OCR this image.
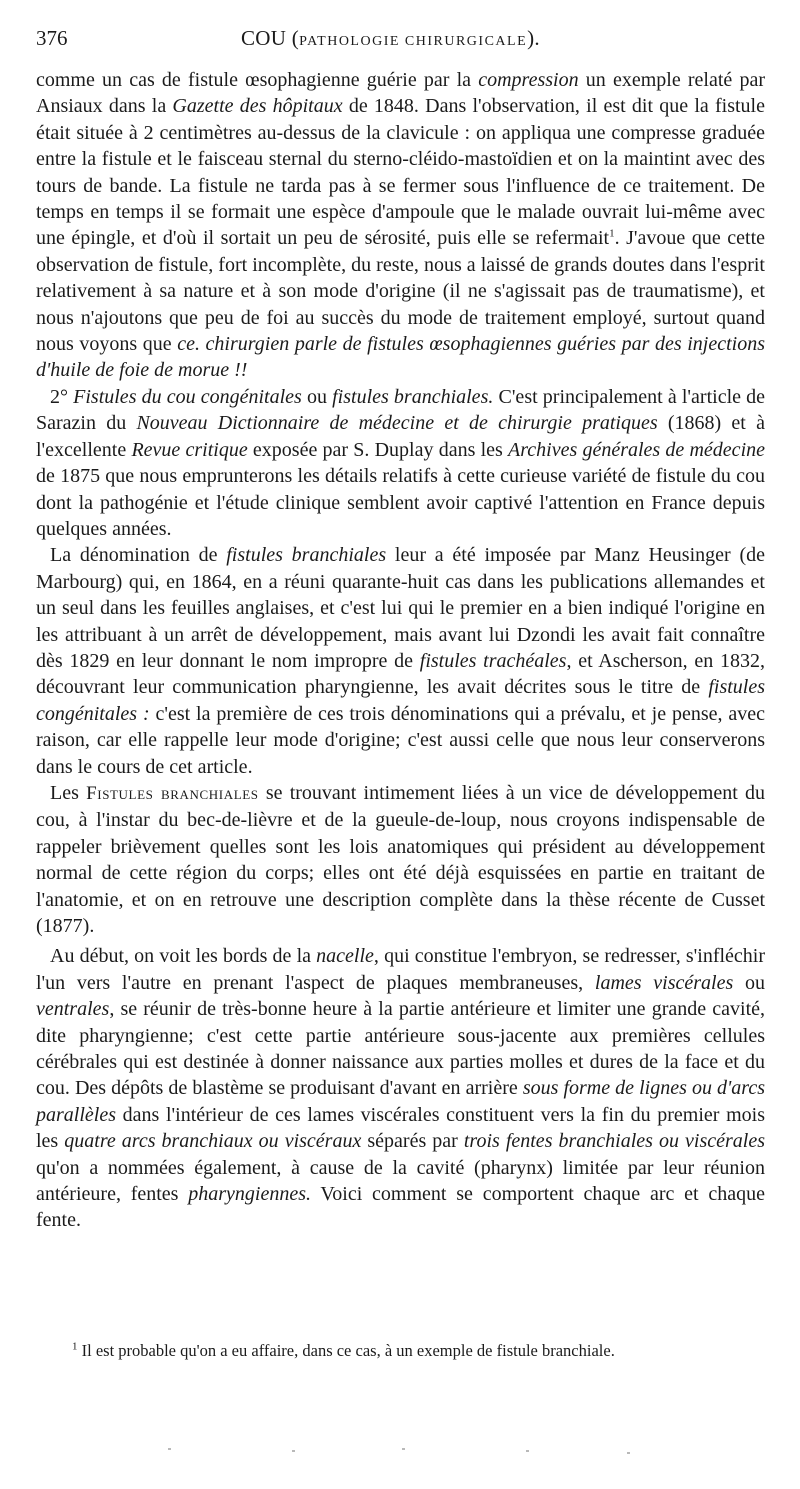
376	COU (PATHOLOGIE CHIRURGICALE).

comme un cas de fistule œsophagienne guérie par la compression un exemple relaté par Ansiaux dans la Gazette des hôpitaux de 1848. Dans l'observation, il est dit que la fistule était située à 2 centimètres au-dessus de la clavicule : on appliqua une compresse graduée entre la fistule et le faisceau sternal du sterno-cléido-mastoïdien et on la maintint avec des tours de bande. La fistule ne tarda pas à se fermer sous l'influence de ce traitement. De temps en temps il se formait une espèce d'ampoule que le malade ouvrait lui-même avec une épingle, et d'où il sortait un peu de sérosité, puis elle se refermait$^1$. J'avoue que cette observation de fistule, fort incomplète, du reste, nous a laissé de grands doutes dans l'esprit relativement à sa nature et à son mode d'origine (il ne s'agissait pas de traumatisme), et nous n'ajoutons que peu de foi au succès du mode de traitement employé, surtout quand nous voyons que ce. chirurgien parle de fistules œsophagiennes guéries par des injections d'huile de foie de morue !!

2° Fistules du cou congénitales ou fistules branchiales. C'est principalement à l'article de Sarazin du Nouveau Dictionnaire de médecine et de chirurgie pratiques (1868) et à l'excellente Revue critique exposée par S. Duplay dans les Archives générales de médecine de 1875 que nous emprunterons les détails relatifs à cette curieuse variété de fistule du cou dont la pathogénie et l'étude clinique semblent avoir captivé l'attention en France depuis quelques années.

La dénomination de fistules branchiales leur a été imposée par Manz Heusinger (de Marbourg) qui, en 1864, en a réuni quarante-huit cas dans les publications allemandes et un seul dans les feuilles anglaises, et c'est lui qui le premier en a bien indiqué l'origine en les attribuant à un arrêt de développement, mais avant lui Dzondi les avait fait connaître dès 1829 en leur donnant le nom impropre de fistules trachéales, et Ascherson, en 1832, découvrant leur communication pharyngienne, les avait décrites sous le titre de fistules congénitales : c'est la première de ces trois dénominations qui a prévalu, et je pense, avec raison, car elle rappelle leur mode d'origine; c'est aussi celle que nous leur conserverons dans le cours de cet article.

Les Fistules branchiales se trouvant intimement liées à un vice de développement du cou, à l'instar du bec-de-lièvre et de la gueule-de-loup, nous croyons indispensable de rappeler brièvement quelles sont les lois anatomiques qui président au développement normal de cette région du corps; elles ont été déjà esquissées en partie en traitant de l'anatomie, et on en retrouve une description complète dans la thèse récente de Cusset (1877).

Au début, on voit les bords de la nacelle, qui constitue l'embryon, se redresser, s'infléchir l'un vers l'autre en prenant l'aspect de plaques membraneuses, lames viscérales ou ventrales, se réunir de très-bonne heure à la partie antérieure et limiter une grande cavité, dite pharyngienne; c'est cette partie antérieure sous-jacente aux premières cellules cérébrales qui est destinée à donner naissance aux parties molles et dures de la face et du cou. Des dépôts de blastème se produisant d'avant en arrière sous forme de lignes ou d'arcs parallèles dans l'intérieur de ces lames viscérales constituent vers la fin du premier mois les quatre arcs branchiaux ou viscéraux séparés par trois fentes branchiales ou viscérales qu'on a nommées également, à cause de la cavité (pharynx) limitée par leur réunion antérieure, fentes pharyngiennes. Voici comment se comportent chaque arc et chaque fente.

$^1$ Il est probable qu'on a eu affaire, dans ce cas, à un exemple de fistule branchiale.
